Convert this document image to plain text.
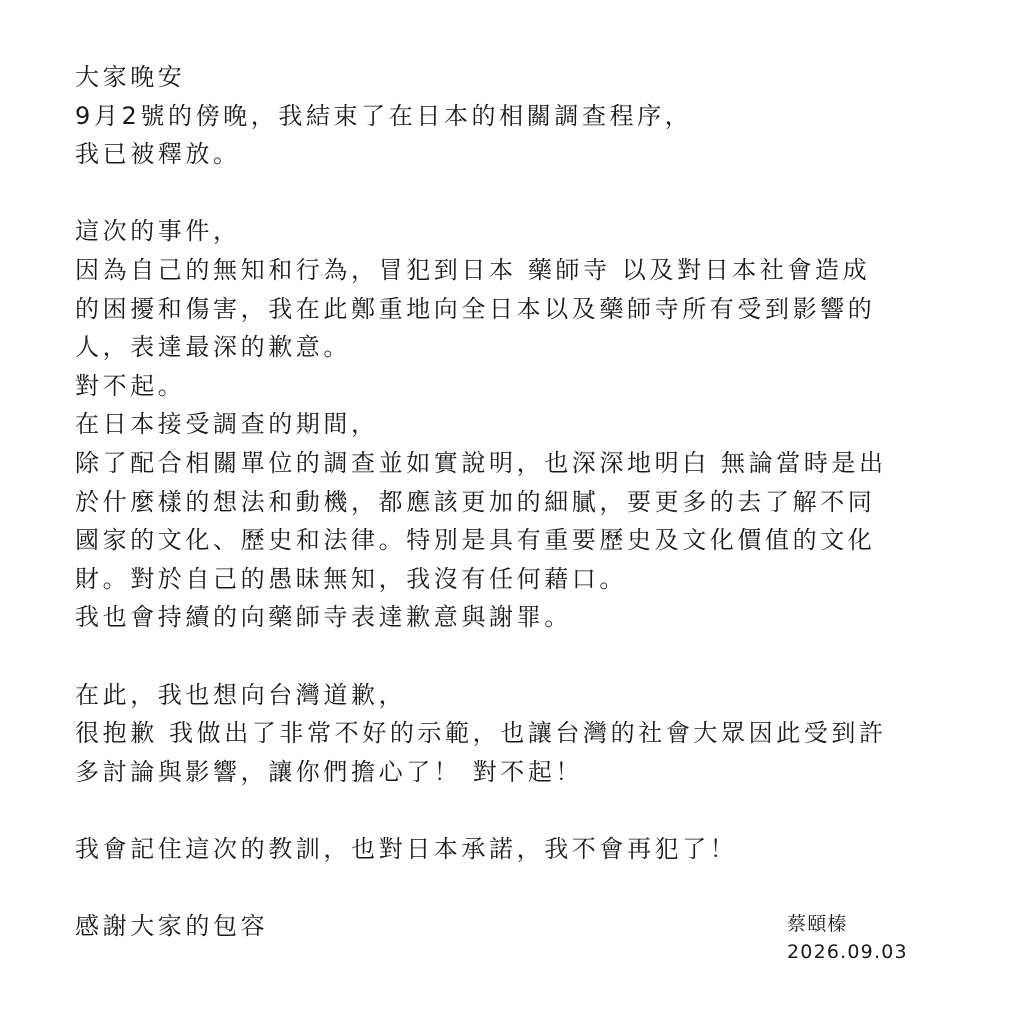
大家晚安
9月2號的傍晚，我結束了在日本的相關調查程序，
我已被釋放。
這次的事件，
因為自己的無知和行為，冒犯到日本 藥師寺 以及對日本社會造成
的困擾和傷害，我在此鄭重地向全日本以及藥師寺所有受到影響的
人，表達最深的歉意。
對不起。
在日本接受調查的期間，
除了配合相關單位的調查並如實說明，也深深地明白 無論當時是出
於什麼樣的想法和動機，都應該更加的細膩，要更多的去了解不同
國家的文化、歷史和法律。特別是具有重要歷史及文化價值的文化
財。對於自己的愚昧無知，我沒有任何藉口。
我也會持續的向藥師寺表達歉意與謝罪。
在此，我也想向台灣道歉，
很抱歉 我做出了非常不好的示範，也讓台灣的社會大眾因此受到許
多討論與影響，讓你們擔心了！ 對不起！
我會記住這次的教訓，也對日本承諾，我不會再犯了！
感謝大家的包容	蔡頤榛
2026.09.03
